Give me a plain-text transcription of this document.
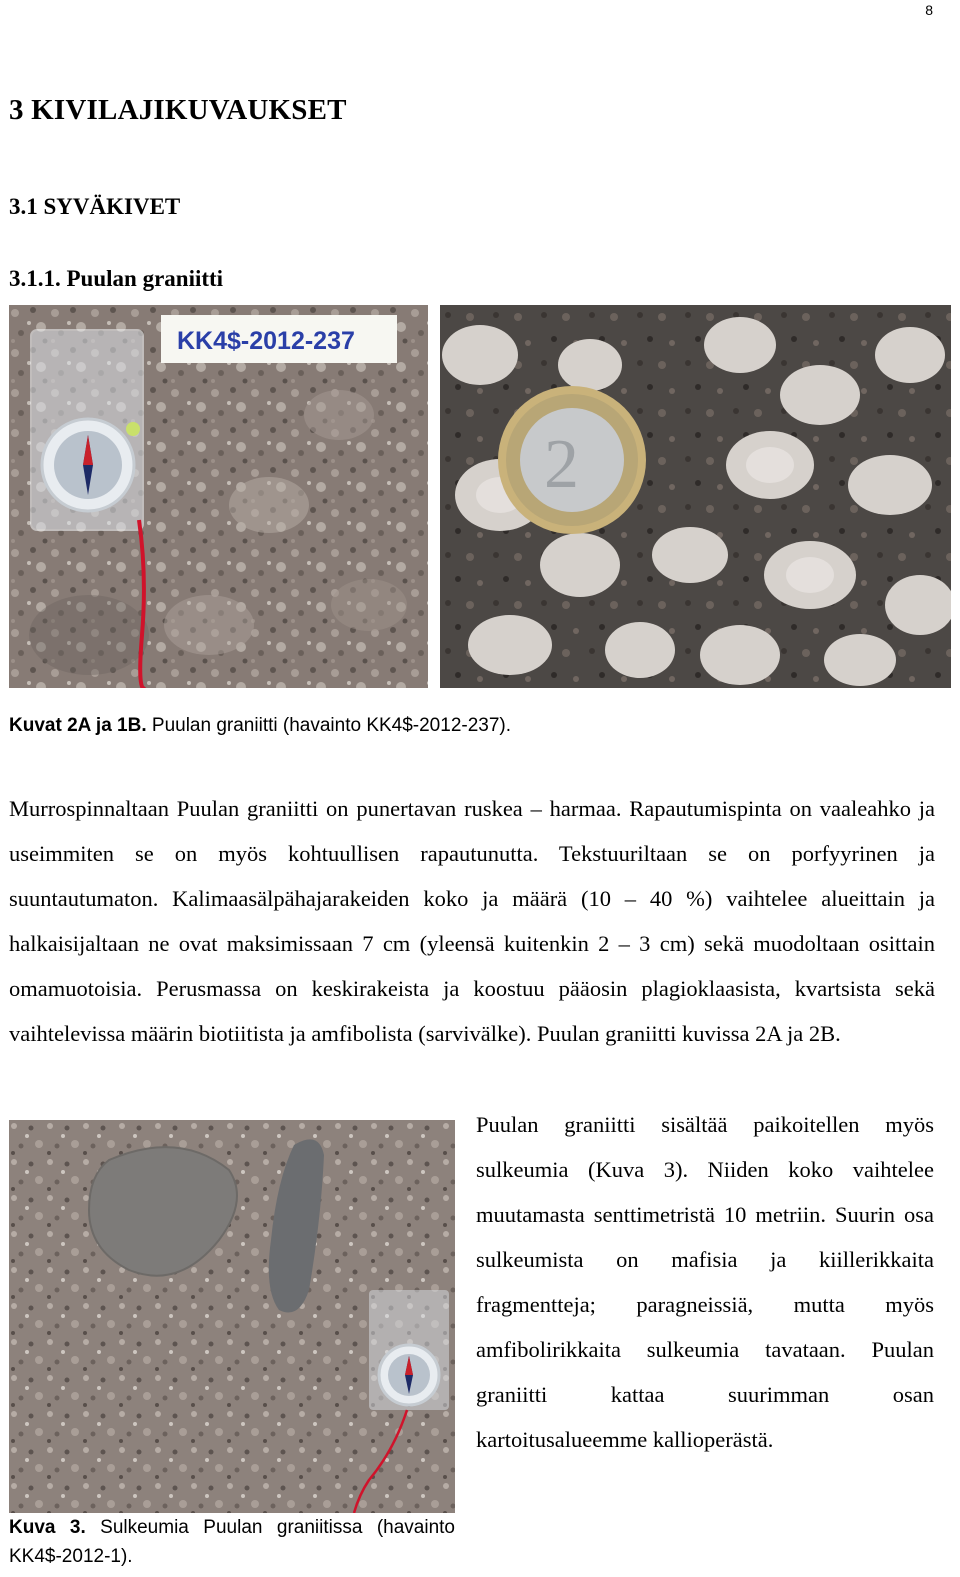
8
3 KIVILAJIKUVAUKSET
3.1 SYVÄKIVET
3.1.1. Puulan graniitti
KK4$-2012-237
2
Kuvat 2A ja 1B. Puulan graniitti (havainto KK4$-2012-237).

Murrospinnaltaan Puulan graniitti on punertavan ruskea – harmaa. Rapautumispinta on vaaleahko ja useimmiten se on myös kohtuullisen rapautunutta. Tekstuuriltaan se on porfyyrinen ja suuntautumaton. Kalimaasälpähajarakeiden koko ja määrä (10 – 40 %) vaihtelee alueittain ja halkaisijaltaan ne ovat maksimissaan 7 cm (yleensä kuitenkin 2 – 3 cm) sekä muodoltaan osittain omamuotoisia. Perusmassa on keskirakeista ja koostuu pääosin plagioklaasista, kvartsista sekä vaihtelevissa määrin biotiitista ja amfibolista (sarvivälke). Puulan graniitti kuvissa 2A ja 2B.

Puulan graniitti sisältää paikoitellen myös sulkeumia (Kuva 3). Niiden koko vaihtelee muutamasta senttimetristä 10 metriin. Suurin osa sulkeumista on mafisia ja kiillerikkaita fragmentteja; paragneissiä, mutta myös amfibolirikkaita sulkeumia tavataan. Puulan graniitti kattaa suurimman osan kartoitusalueemme kallioperästä.

Kuva 3. Sulkeumia Puulan graniitissa (havainto KK4$-2012-1).
